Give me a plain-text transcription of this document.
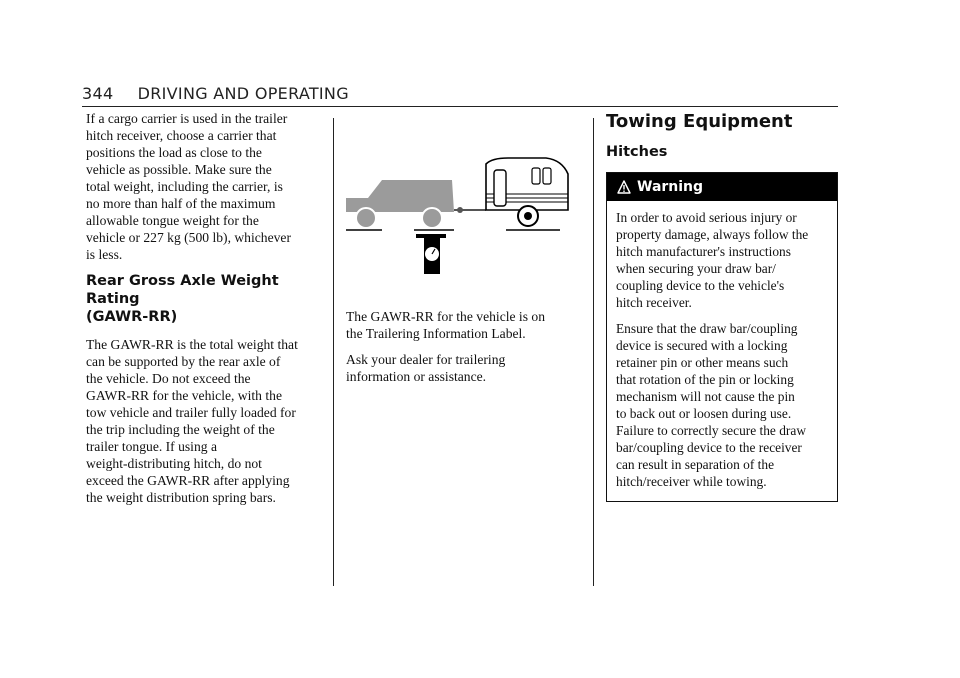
344 DRIVING AND OPERATING

If a cargo carrier is used in the trailer
hitch receiver, choose a carrier that
positions the load as close to the
vehicle as possible. Make sure the
total weight, including the carrier, is
no more than half of the maximum
allowable tongue weight for the
vehicle or 227 kg (500 lb), whichever
is less.

Rear Gross Axle Weight Rating
(GAWR-RR)

The GAWR-RR is the total weight that
can be supported by the rear axle of
the vehicle. Do not exceed the
GAWR-RR for the vehicle, with the
tow vehicle and trailer fully loaded for
the trip including the weight of the
trailer tongue. If using a
weight-distributing hitch, do not
exceed the GAWR-RR after applying
the weight distribution spring bars.

The GAWR-RR for the vehicle is on
the Trailering Information Label.

Ask your dealer for trailering
information or assistance.

Towing Equipment
Hitches
Warning

In order to avoid serious injury or
property damage, always follow the
hitch manufacturer's instructions
when securing your draw bar/
coupling device to the vehicle's
hitch receiver.

Ensure that the draw bar/coupling
device is secured with a locking
retainer pin or other means such
that rotation of the pin or locking
mechanism will not cause the pin
to back out or loosen during use.
Failure to correctly secure the draw
bar/coupling device to the receiver
can result in separation of the
hitch/receiver while towing.
